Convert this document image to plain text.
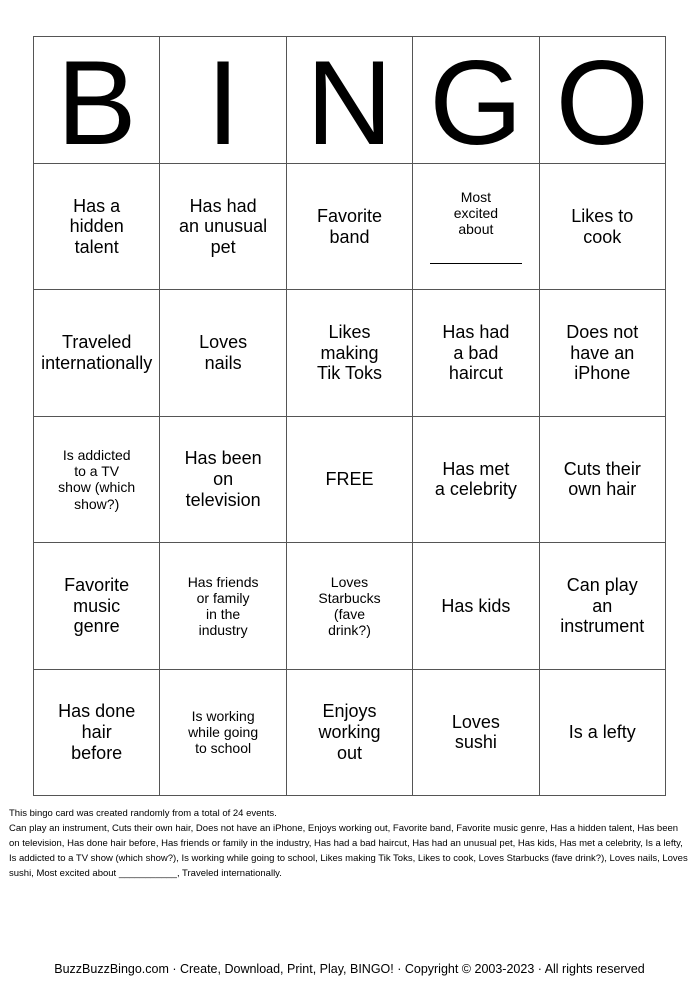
B I N G O
Has a
hidden
talent
Has had
an unusual
pet
Favorite
band
Most
excited
about
Likes to
cook
Traveled
internationally
Loves
nails
Likes
making
Tik Toks
Has had
a bad
haircut
Does not
have an
iPhone
Is addicted
to a TV
show (which
show?)
Has been
on
television
FREE
Has met
a celebrity
Cuts their
own hair
Favorite
music
genre
Has friends
or family
in the
industry
Loves
Starbucks
(fave
drink?)
Has kids
Can play
an
instrument
Has done
hair
before
Is working
while going
to school
Enjoys
working
out
Loves
sushi
Is a lefty

This bingo card was created randomly from a total of 24 events.

Can play an instrument, Cuts their own hair, Does not have an iPhone, Enjoys working out, Favorite band, Favorite music genre, Has a hidden talent, Has been on television, Has done hair before, Has friends or family in the industry, Has had a bad haircut, Has had an unusual pet, Has kids, Has met a celebrity, Is a lefty, Is addicted to a TV show (which show?), Is working while going to school, Likes making Tik Toks, Likes to cook, Loves Starbucks (fave drink?), Loves nails, Loves sushi, Most excited about ___________, Traveled internationally.

BuzzBuzzBingo.com · Create, Download, Print, Play, BINGO! · Copyright © 2003-2023 · All rights reserved
